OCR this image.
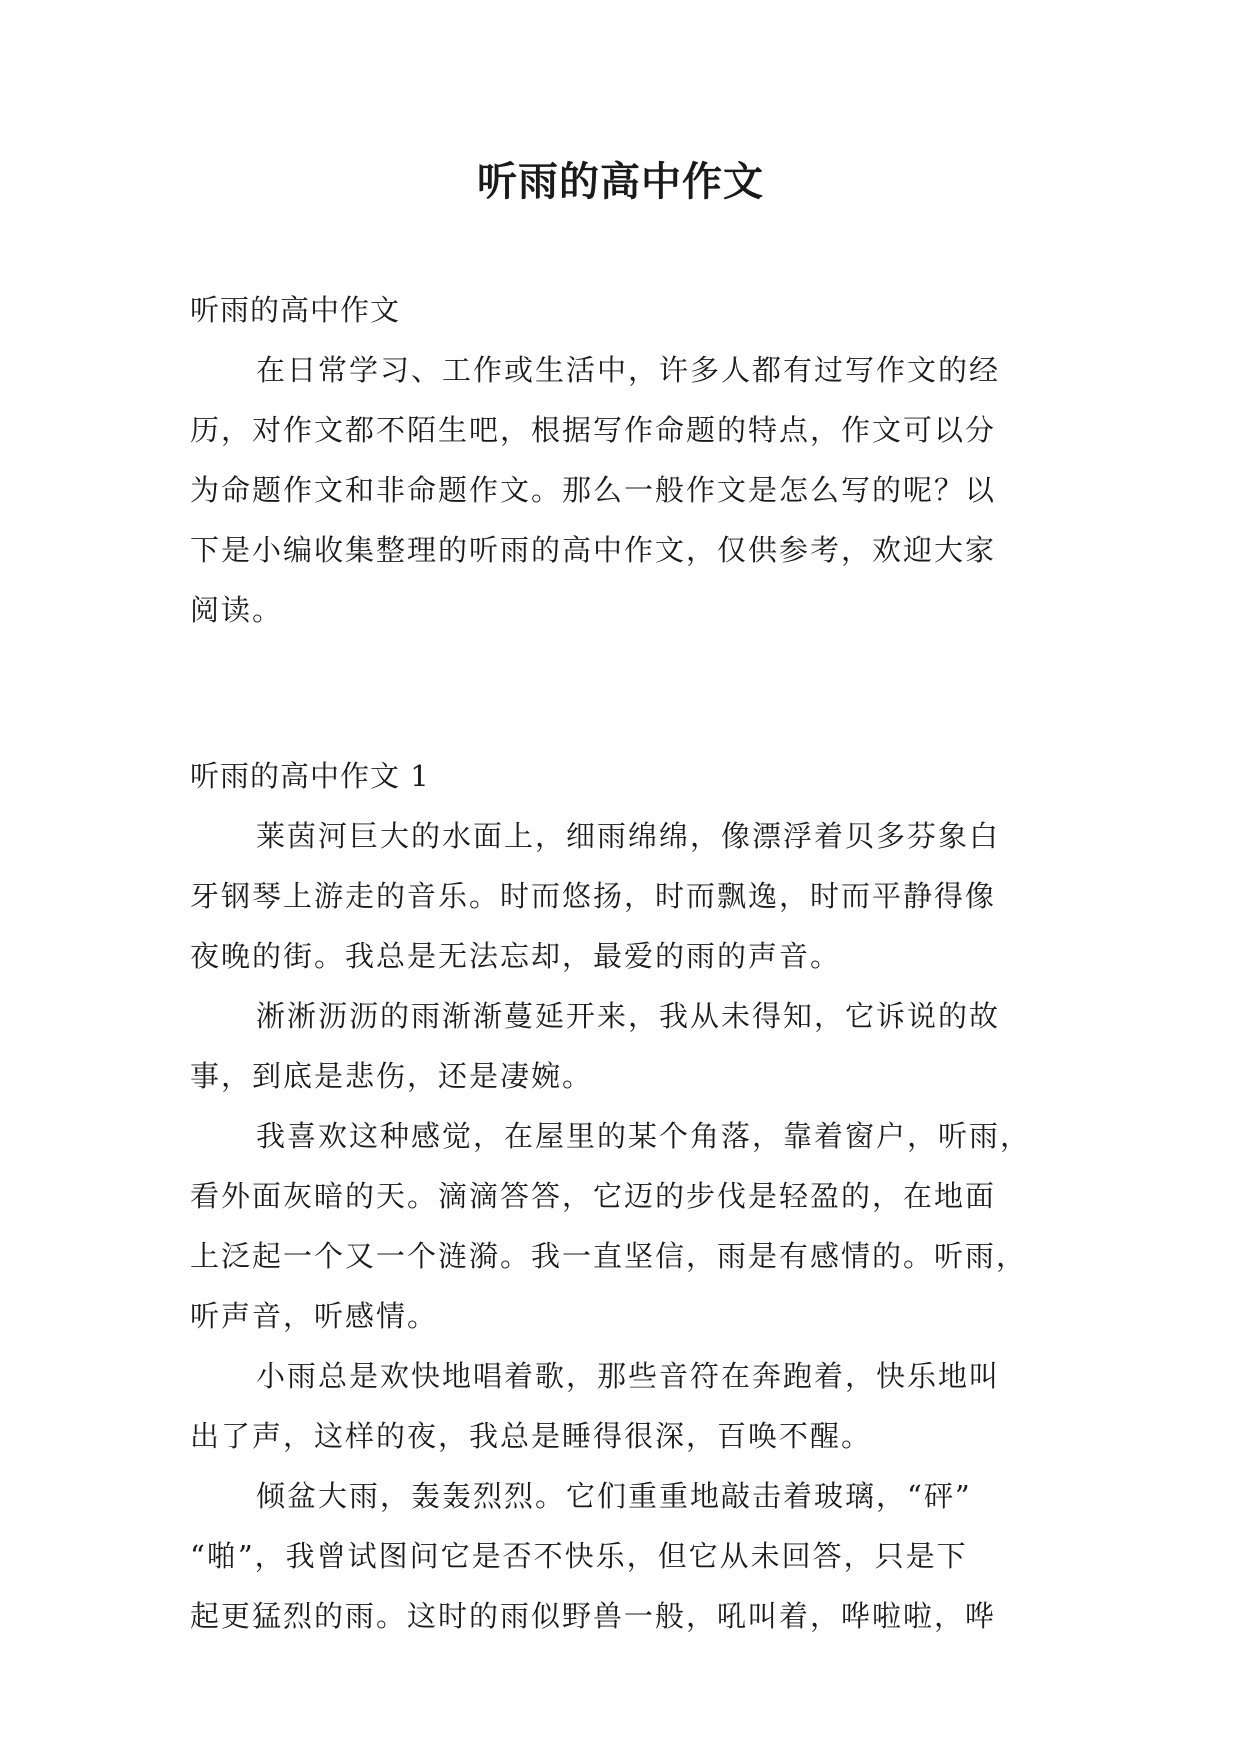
听雨的高中作文

听雨的高中作文

在日常学习、工作或生活中，许多人都有过写作文的经

历，对作文都不陌生吧，根据写作命题的特点，作文可以分

为命题作文和非命题作文。那么一般作文是怎么写的呢？以

下是小编收集整理的听雨的高中作文，仅供参考，欢迎大家

阅读。

听雨的高中作文 1

莱茵河巨大的水面上，细雨绵绵，像漂浮着贝多芬象白

牙钢琴上游走的音乐。时而悠扬，时而飘逸，时而平静得像

夜晚的街。我总是无法忘却，最爱的雨的声音。

淅淅沥沥的雨渐渐蔓延开来，我从未得知，它诉说的故

事，到底是悲伤，还是凄婉。

我喜欢这种感觉，在屋里的某个角落，靠着窗户，听雨，

看外面灰暗的天。滴滴答答，它迈的步伐是轻盈的，在地面

上泛起一个又一个涟漪。我一直坚信，雨是有感情的。听雨，

听声音，听感情。

小雨总是欢快地唱着歌，那些音符在奔跑着，快乐地叫

出了声，这样的夜，我总是睡得很深，百唤不醒。

倾盆大雨，轰轰烈烈。它们重重地敲击着玻璃，“砰”

“啪”，我曾试图问它是否不快乐，但它从未回答，只是下

起更猛烈的雨。这时的雨似野兽一般，吼叫着，哗啦啦，哗
